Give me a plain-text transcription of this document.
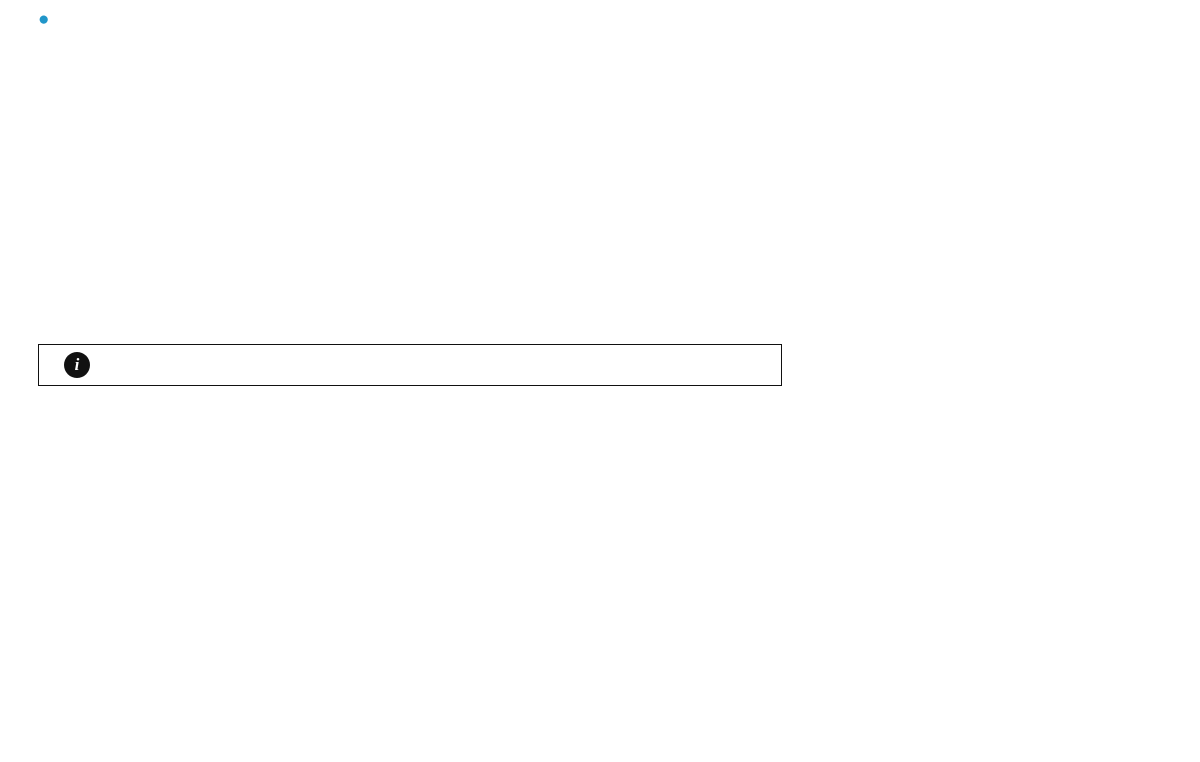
●
i
